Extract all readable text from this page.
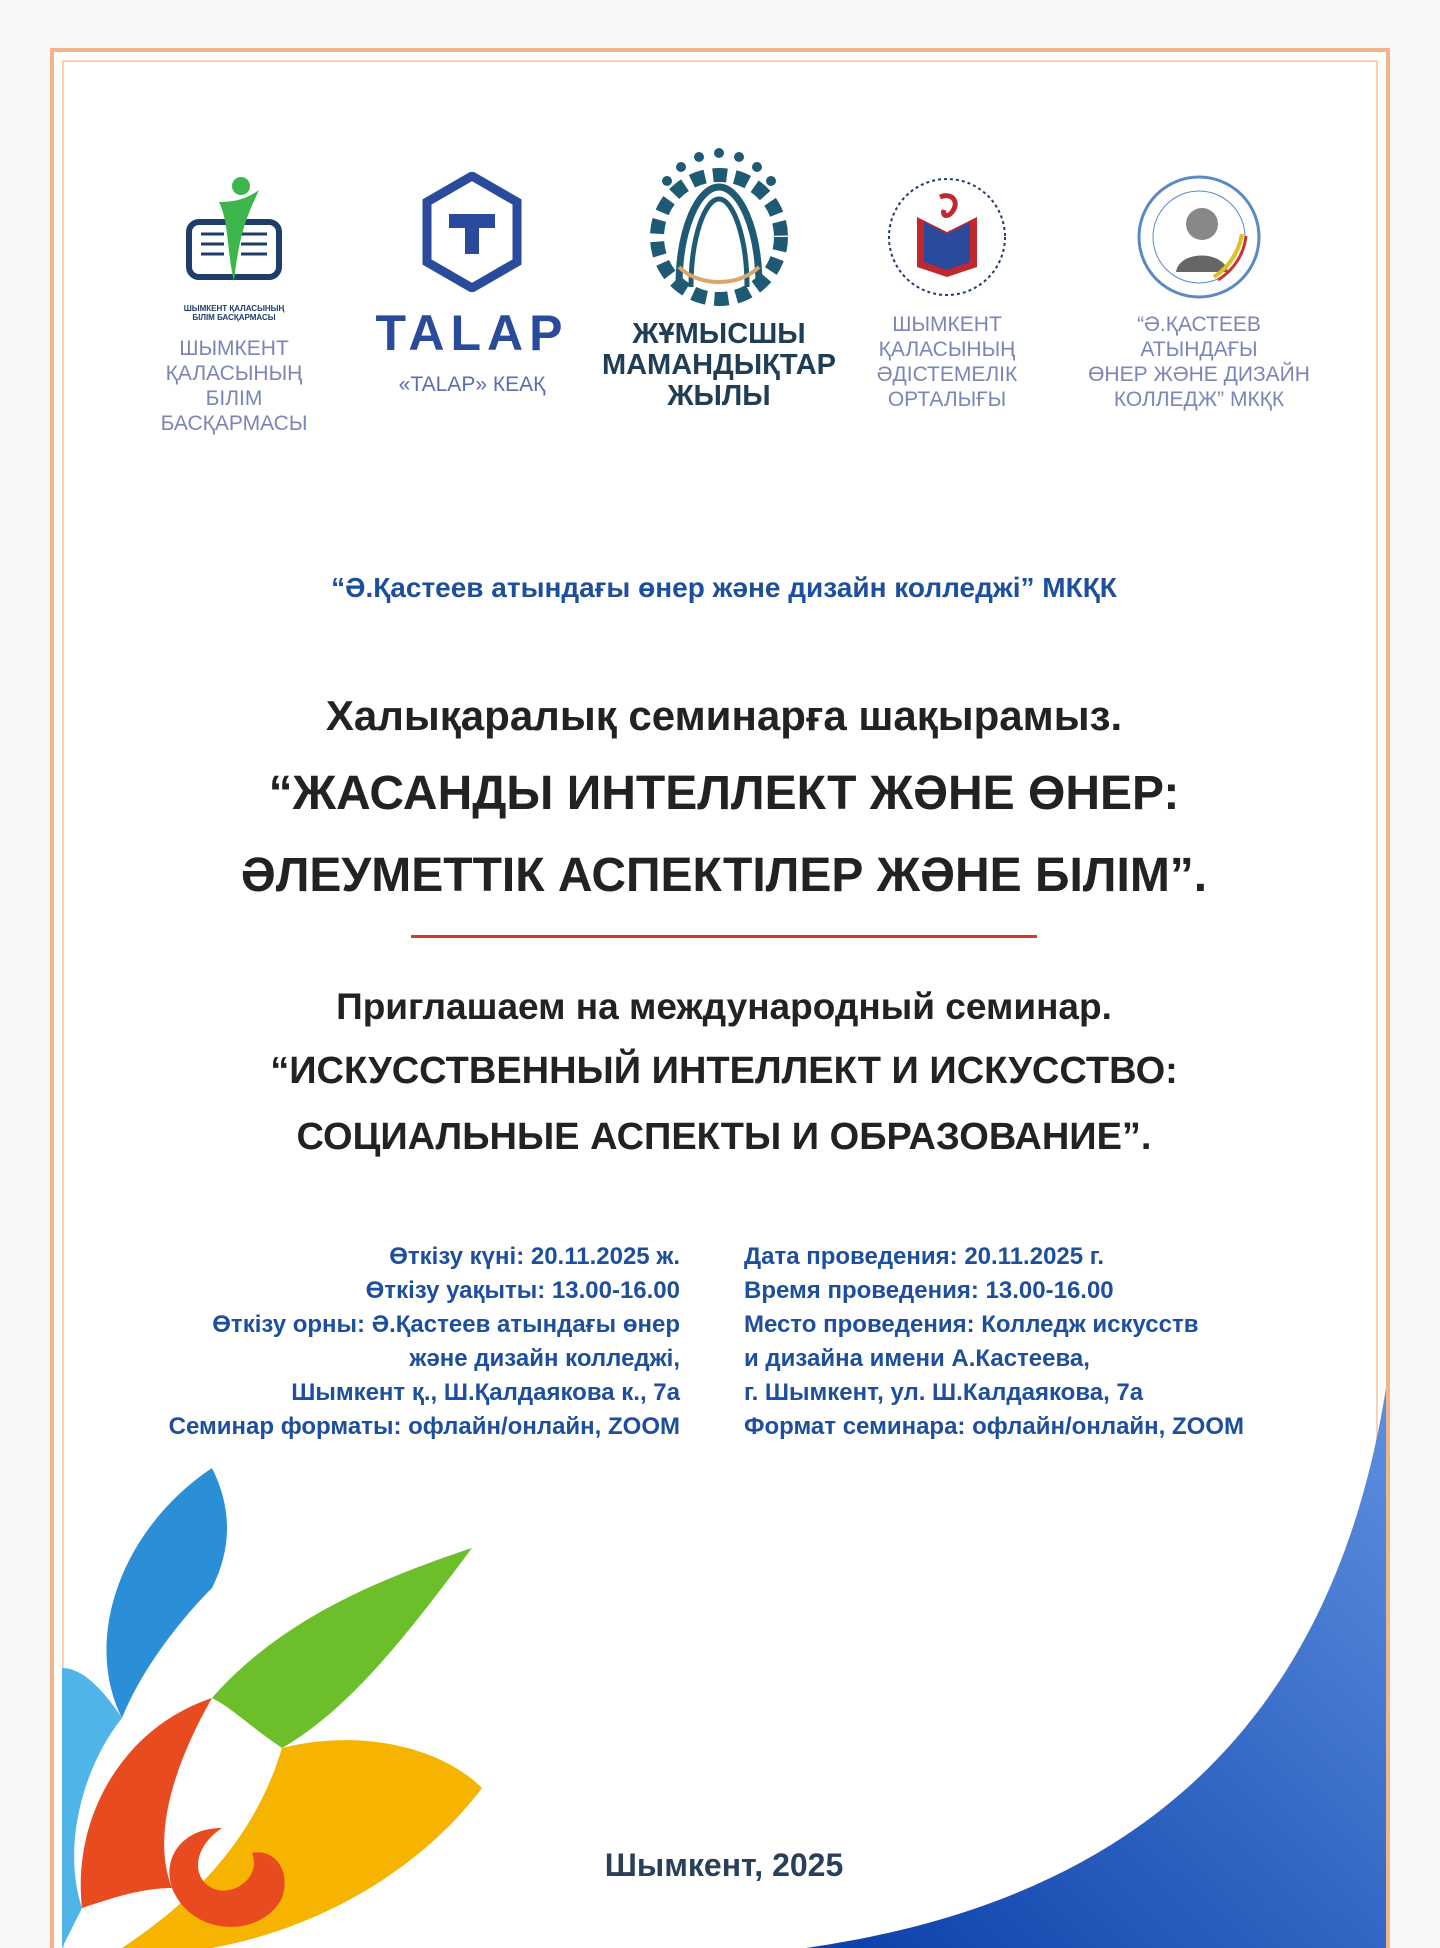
ШЫМКЕНТ ҚАЛАСЫНЫҢ БІЛІМ БАСҚАРМАСЫ
ШЫМКЕНТ
ҚАЛАСЫНЫҢ
БІЛІМ
БАСҚАРМАСЫ
TALAP
«TALAP» КЕАҚ
ЖҰМЫСШЫ
МАМАНДЫҚТАР
ЖЫЛЫ
ШЫМКЕНТ
ҚАЛАСЫНЫҢ
ӘДІСТЕМЕЛІК
ОРТАЛЫҒЫ
“Ә.ҚАСТЕЕВ
АТЫНДАҒЫ
ӨНЕР ЖӘНЕ ДИЗАЙН
КОЛЛЕДЖ” МКҚК
“Ә.Қастеев атындағы өнер және дизайн колледжі” МКҚК
Халықаралық семинарға шақырамыз.
“ЖАСАНДЫ ИНТЕЛЛЕКТ ЖӘНЕ ӨНЕР:
ӘЛЕУМЕТТІК АСПЕКТІЛЕР ЖӘНЕ БІЛІМ”.
Приглашаем на международный семинар.
“ИСКУССТВЕННЫЙ ИНТЕЛЛЕКТ И ИСКУССТВО:
СОЦИАЛЬНЫЕ АСПЕКТЫ И ОБРАЗОВАНИЕ”.
Өткізу күні: 20.11.2025 ж.
Өткізу уақыты: 13.00-16.00
Өткізу орны: Ә.Қастеев атындағы өнер
және дизайн колледжі,
Шымкент қ., Ш.Қалдаякова к., 7а
Семинар форматы: офлайн/онлайн, ZOOM
Дата проведения: 20.11.2025 г.
Время проведения: 13.00-16.00
Место проведения: Колледж искусств
и дизайна имени А.Кастеева,
г. Шымкент, ул. Ш.Калдаякова, 7а
Формат семинара: офлайн/онлайн, ZOOM
Шымкент, 2025
